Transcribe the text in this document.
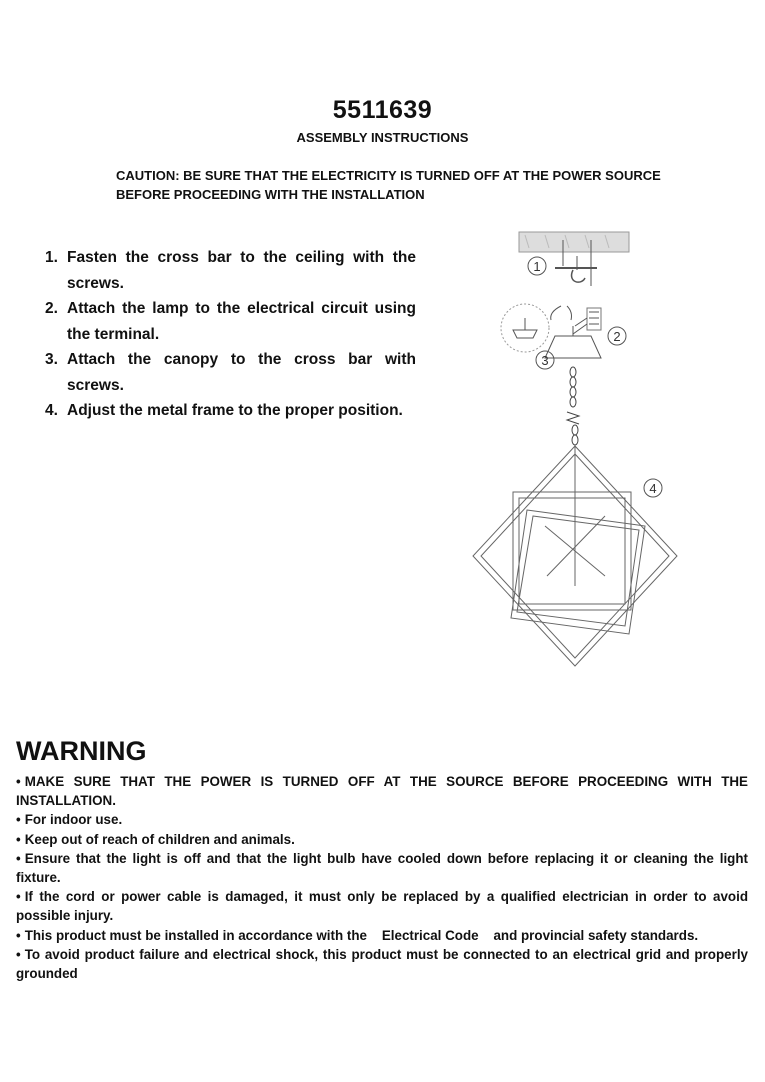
5511639
ASSEMBLY INSTRUCTIONS
CAUTION: BE SURE THAT THE ELECTRICITY IS TURNED OFF AT THE POWER SOURCE
BEFORE PROCEEDING WITH THE INSTALLATION
1. Fasten the cross bar to the ceiling with the screws.
2. Attach the lamp to the electrical circuit using the terminal.
3. Attach the canopy to the cross bar with screws.
4. Adjust the metal frame to the proper position.
1
2
3
4
WARNING
• MAKE SURE THAT THE POWER IS TURNED OFF AT THE SOURCE BEFORE PROCEEDING WITH THE INSTALLATION.
• For indoor use.
• Keep out of reach of children and animals.
• Ensure that the light is off and that the light bulb have cooled down before replacing it or cleaning the light fixture.
• If the cord or power cable is damaged, it must only be replaced by a qualified electrician in order to avoid possible injury.
• This product must be installed in accordance with the    Electrical Code    and provincial safety standards.
• To avoid product failure and electrical shock, this product must be connected to an electrical grid and properly grounded
